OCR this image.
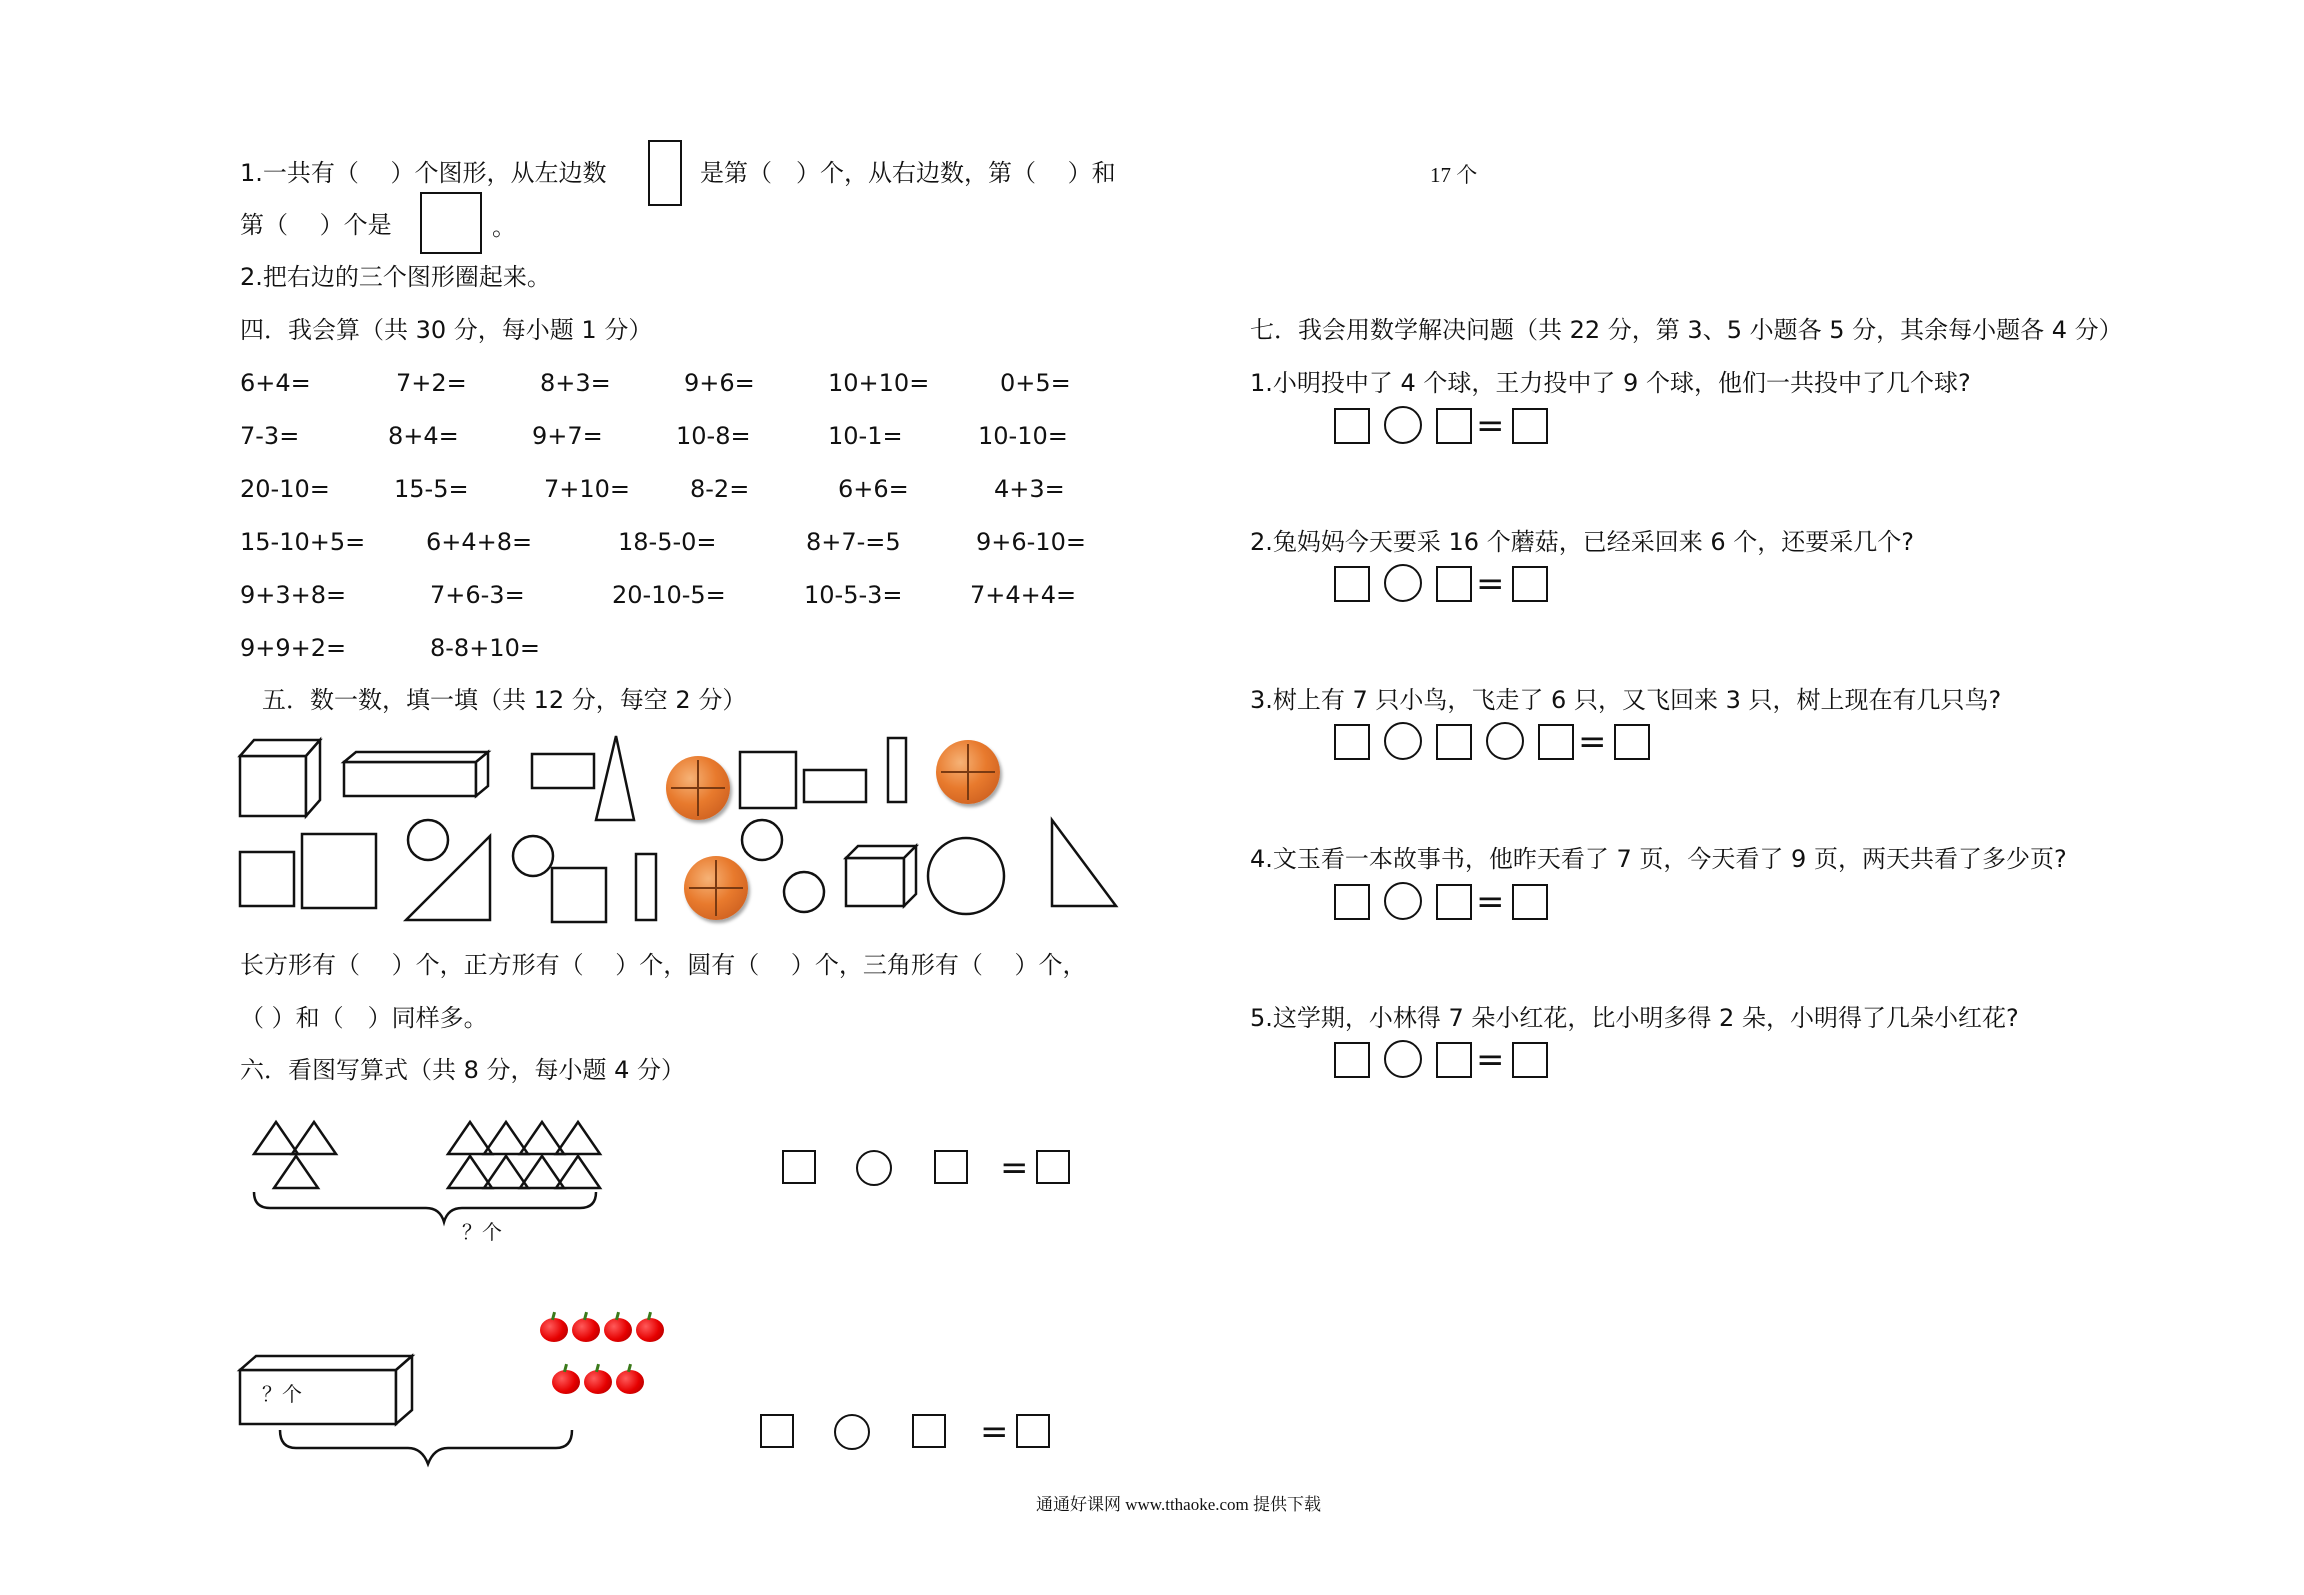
1.一共有（　 ）个图形，从左边数	是第（　）个，从右边数，第（　 ）和	17 个
第（　 ）个是	。
2.把右边的三个图形圈起来。
四．我会算（共 30 分，每小题 1 分）
6+4=	7+2=	8+3=	9+6=	10+10=	0+5=
7-3=	8+4=	9+7=	10-8=	10-1=	10-10=
20-10=	15-5=	7+10= 8-2=	6+6=	4+3=
15-10+5=	6+4+8=	18-5-0=	8+7-=5	9+6-10=
9+3+8=	7+6-3=	20-10-5=	10-5-3=	7+4+4=
9+9+2=	8-8+10=
五．数一数，填一填（共 12 分，每空 2 分）
长方形有（　 ）个，正方形有（　 ）个，圆有（　 ）个，三角形有（　 ）个，
（ ）和（　）同样多。
六．看图写算式（共 8 分，每小题 4 分）
？个
=
？个
=
七．我会用数学解决问题（共 22 分，第 3、5 小题各 5 分，其余每小题各 4 分）
1.小明投中了 4 个球，王力投中了 9 个球，他们一共投中了几个球?
=
2.兔妈妈今天要采 16 个蘑菇，已经采回来 6 个，还要采几个?
=
3.树上有 7 只小鸟，飞走了 6 只，又飞回来 3 只，树上现在有几只鸟?
=
4.文玉看一本故事书，他昨天看了 7 页，今天看了 9 页，两天共看了多少页?
=
5.这学期，小林得 7 朵小红花，比小明多得 2 朵，小明得了几朵小红花?
=
通通好课网 www.tthaoke.com 提供下载
